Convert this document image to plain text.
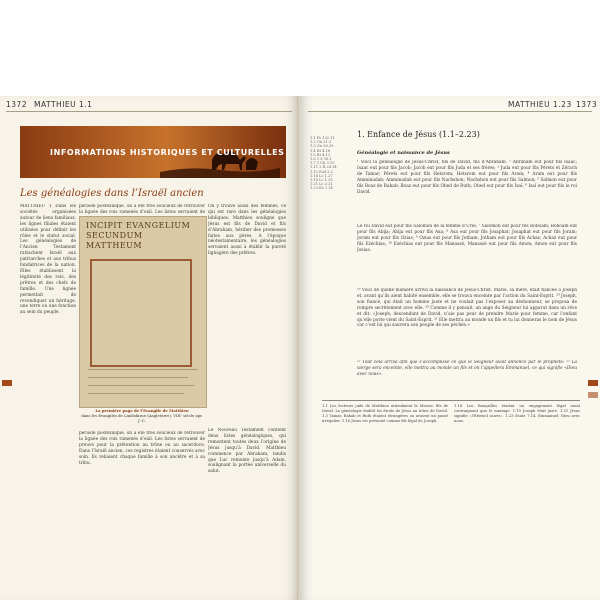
1372 MATTHIEU 1.1
INFORMATIONS HISTORIQUES ET CULTURELLES
Les généalogies dans l’Israël ancien
MATTHIEU 1 Dans les sociétés organisées autour de liens familiaux, les lignes filiales étaient utilisées pour définir les rôles et le statut social. Les généalogies de l’Ancien Testament rattachent Israël aux patriarches et aux tribus fondatrices de la nation. Elles établissent la légitimité des rois, des prêtres et des chefs de famille. Une lignée permettait de revendiquer un héritage, une terre ou une fonction au sein du peuple.
période postexilique, on a été très soucieux de retrouver la lignée des rois ramenés d’exil. Les listes servaient de
On y trouve aussi des femmes, ce qui est rare dans les généalogies bibliques. Matthieu souligne que Jésus est fils de David et fils d’Abraham, héritier des promesses faites aux pères. A l’époque néotestamentaire, les généalogies servaient aussi à établir la pureté lignagère des prêtres.
Le Nouveau Testament contient deux listes généalogiques, qui remontent toutes deux l’origine de Jésus jusqu’à David. Matthieu commence par Abraham, tandis que Luc remonte jusqu’à Adam, soulignant la portée universelle du salut.
période postexilique, on a été très soucieux de retrouver la lignée des rois ramenés d’exil. Les listes servaient de preuve pour la prétention au trône ou au sacerdoce. Dans l’Israël ancien, ces registres étaient conservés avec soin. Ils reliaient chaque famille à son ancêtre et à sa tribu.
INCIPIT EVANGELIUM SECUNDUM MATTHEUM
La première page de l’Evangile de Matthieu
dans les Evangiles de Lindisfarne (Angleterre), VIIIᵉ siècle apr. J.-C.
MATTHIEU 1.23 1373
1.1 Ps 132.11
1.2 Gn 21.3
1.3 Gn 38.29
1.4 Rt 4.18
1.5 Rt 4.13
1.6 1 S 16.1
1.7 1 Ch 3.10
1.11 2 R 24.14
1.12 Esd 3.2
1.16 Lc 1.27
1.18 Lc 1.35
1.21 Lc 2.21
1.23 Es 7.14
1. Enfance de Jésus (1.1–2.23)
Généalogie et naissance de Jésus
¹ Voici la généalogie de Jésus-Christ, fils de David, fils d’Abraham. ² Abraham eut pour fils Isaac; Isaac eut pour fils Jacob; Jacob eut pour fils Juda et ses frères; ³ Juda eut pour fils Pérets et Zérach de Tamar; Pérets eut pour fils Hetsrom; Hetsrom eut pour fils Aram; ⁴ Aram eut pour fils Amminadab; Amminadab eut pour fils Nachshon; Nachshon eut pour fils Salmon; ⁵ Salmon eut pour fils Boaz de Rahab; Boaz eut pour fils Obed de Ruth; Obed eut pour fils Isaï; ⁶ Isaï eut pour fils le roi David.
Le roi David eut pour fils Salomon de la femme d’Urie; ⁷ Salomon eut pour fils Roboam; Roboam eut pour fils Abija; Abija eut pour fils Asa; ⁸ Asa eut pour fils Josaphat; Josaphat eut pour fils Joram; Joram eut pour fils Ozias; ⁹ Ozias eut pour fils Jotham; Jotham eut pour fils Achaz; Achaz eut pour fils Ezéchias; ¹⁰ Ezéchias eut pour fils Manassé; Manassé eut pour fils Amon; Amon eut pour fils Josias.
¹⁸ Voici de quelle manière arriva la naissance de Jésus-Christ. Marie, sa mère, était fiancée à Joseph et, avant qu’ils aient habité ensemble, elle se trouva enceinte par l’action du Saint-Esprit. ¹⁹ Joseph, son fiancé, qui était un homme juste et ne voulait pas l’exposer au déshonneur, se proposa de rompre secrètement avec elle. ²⁰ Comme il y pensait, un ange du Seigneur lui apparut dans un rêve et dit: «Joseph, descendant de David, n’aie pas peur de prendre Marie pour femme, car l’enfant qu’elle porte vient du Saint-Esprit. ²¹ Elle mettra au monde un fils et tu lui donneras le nom de Jésus car c’est lui qui sauvera son peuple de ses péchés.»
²² Tout cela arriva afin que s’accomplisse ce que le Seigneur avait annoncé par le prophète: ²³ La vierge sera enceinte, elle mettra au monde un fils et on l’appellera Emmanuel, ce qui signifie «Dieu avec nous».
1.1 Les lecteurs juifs de Matthieu attendaient le Messie, fils de David. La généalogie établit les droits de Jésus au trône de David. 1.3 Tamar, Rahab et Ruth étaient étrangères ou avaient un passé irrégulier. 1.16 Jésus est présenté comme fils légal de Joseph.
1.18 Les fiançailles étaient un engagement légal aussi contraignant que le mariage. 1.19 Joseph était juste. 1.21 Jésus signifie «l’Eternel sauve». 1.23 Esaïe 7.14. Emmanuel: Dieu avec nous.
